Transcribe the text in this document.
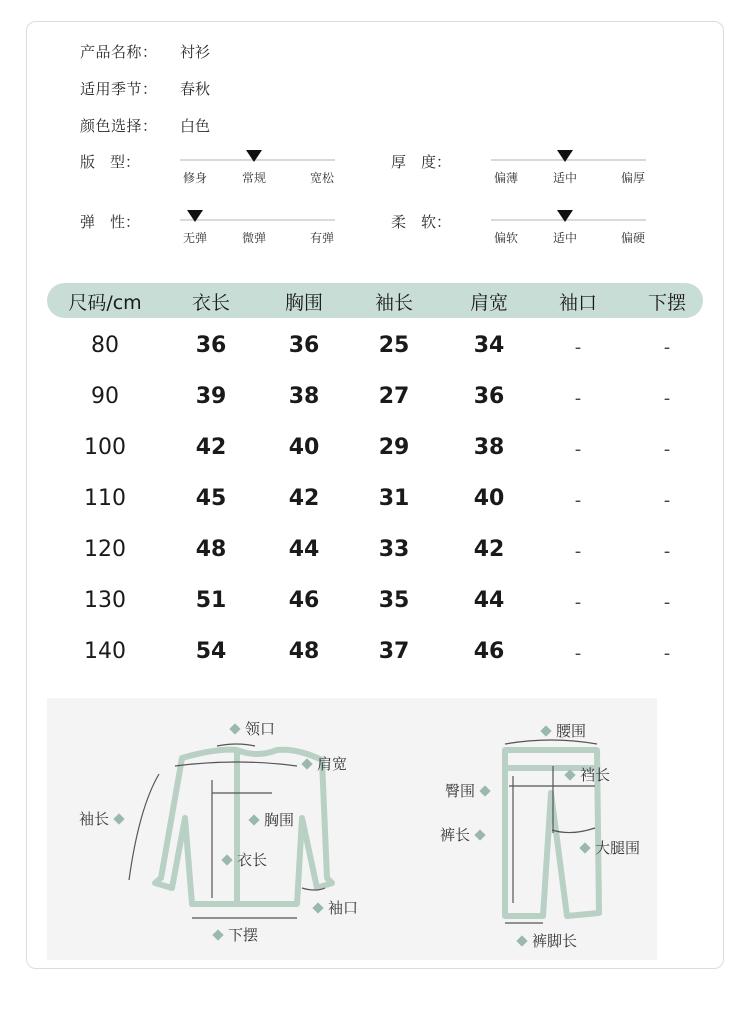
产品名称：	衬衫
适用季节：	春秋
颜色选择：	白色
版　型：
修身	常规	宽松
厚　度：
偏薄	适中	偏厚
弹　性：
无弹	微弹	有弹
柔　软：
偏软	适中	偏硬
尺码/cm	衣长	胸围	袖长	肩宽	袖口	下摆
80	36	36	25	34	-	-
90	39	38	27	36	-	-
100	42	40	29	38	-	-
110	45	42	31	40	-	-
120	48	44	33	42	-	-
130	51	46	35	44	-	-
140	54	48	37	46	-	-
领口
肩宽
袖长	胸围
衣长
袖口
下摆
腰围
裆长
臀围
裤长
大腿围
裤脚长
